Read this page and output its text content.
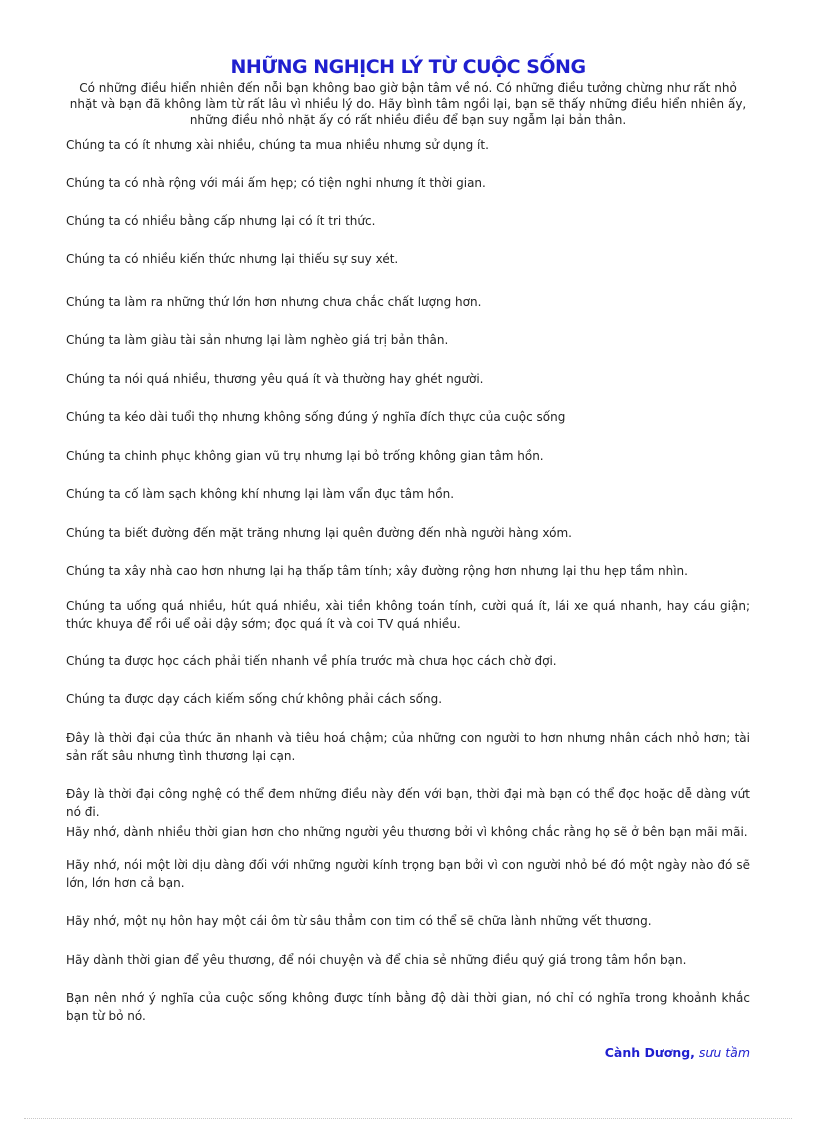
NHỮNG NGHỊCH LÝ TỪ CUỘC SỐNG
Có những điều hiển nhiên đến nỗi bạn không bao giờ bận tâm về nó. Có những điều tưởng chừng như rất nhỏ nhặt và bạn đã không làm từ rất lâu vì nhiều lý do. Hãy bình tâm ngồi lại, bạn sẽ thấy những điều hiển nhiên ấy, những điều nhỏ nhặt ấy có rất nhiều điều để bạn suy ngẫm lại bản thân.
Chúng ta có ít nhưng xài nhiều, chúng ta mua nhiều nhưng sử dụng ít.
Chúng ta có nhà rộng với mái ấm hẹp; có tiện nghi nhưng ít thời gian.
Chúng ta có nhiều bằng cấp nhưng lại có ít tri thức.
Chúng ta có nhiều kiến thức nhưng lại thiếu sự suy xét.
Chúng ta làm ra những thứ lớn hơn nhưng chưa chắc chất lượng hơn.
Chúng ta làm giàu tài sản nhưng lại làm nghèo giá trị bản thân.
Chúng ta nói quá nhiều, thương yêu quá ít và thường hay ghét người.
Chúng ta kéo dài tuổi thọ nhưng không sống đúng ý nghĩa đích thực của cuộc sống
Chúng ta chinh phục không gian vũ trụ nhưng lại bỏ trống không gian tâm hồn.
Chúng ta cố làm sạch không khí nhưng lại làm vẩn đục tâm hồn.
Chúng ta biết đường đến mặt trăng nhưng lại quên đường đến nhà người hàng xóm.
Chúng ta xây nhà cao hơn nhưng lại hạ thấp tâm tính; xây đường rộng hơn nhưng lại thu hẹp tầm nhìn.
Chúng ta uống quá nhiều, hút quá nhiều, xài tiền không toán tính, cười quá ít, lái xe quá nhanh, hay cáu giận; thức khuya để rồi uể oải dậy sớm; đọc quá ít và coi TV quá nhiều.
Chúng ta được học cách phải tiến nhanh về phía trước mà chưa học cách chờ đợi.
Chúng ta được dạy cách kiếm sống chứ không phải cách sống.
Đây là thời đại của thức ăn nhanh và tiêu hoá chậm; của những con người to hơn nhưng nhân cách nhỏ hơn; tài sản rất sâu nhưng tình thương lại cạn.
Đây là thời đại công nghệ có thể đem những điều này đến với bạn, thời đại mà bạn có thể đọc hoặc dễ dàng vứt nó đi.
Hãy nhớ, dành nhiều thời gian hơn cho những người yêu thương bởi vì không chắc rằng họ sẽ ở bên bạn mãi mãi.
Hãy nhớ, nói một lời dịu dàng đối với những người kính trọng bạn bởi vì con người nhỏ bé đó một ngày nào đó sẽ lớn, lớn hơn cả bạn.
Hãy nhớ, một nụ hôn hay một cái ôm từ sâu thẳm con tim có thể sẽ chữa lành những vết thương.
Hãy dành thời gian để yêu thương, để nói chuyện và để chia sẻ những điều quý giá trong tâm hồn bạn.
Bạn nên nhớ ý nghĩa của cuộc sống không được tính bằng độ dài thời gian, nó chỉ có nghĩa trong khoảnh khắc bạn từ bỏ nó.
Cành Dương, sưu tầm
